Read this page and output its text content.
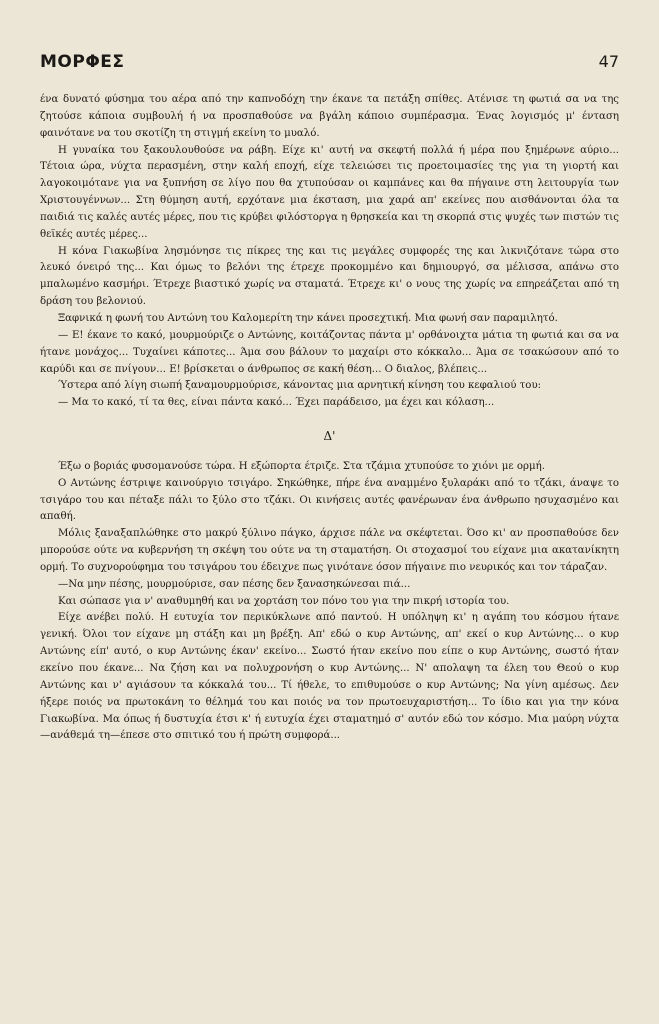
ΜΟΡΦΕΣ	47

ένα δυνατό φύσημα του αέρα από την καπνοδόχη την έκανε τα πετάξη σπίθες. Ατένισε τη φωτιά σα να της ζητούσε κάποια συμβουλή ή να προσπαθούσε να βγάλη κάποιο συμπέρασμα. Ένας λογισμός μ' ένταση φαινότανε να του σκοτίζη τη στιγμή εκείνη το μυαλό.

Η γυναίκα του ξακουλουθούσε να ράβη. Είχε κι' αυτή να σκεφτή πολλά ή μέρα που ξημέρωνε αύριο... Τέτοια ώρα, νύχτα περασμένη, στην καλή εποχή, είχε τελειώσει τις προετοιμασίες της για τη γιορτή και λαγοκοιμότανε για να ξυπνήση σε λίγο που θα χτυπούσαν οι καμπάνες και θα πήγαινε στη λειτουργία των Χριστουγέννων... Στη θύμηση αυτή, ερχότανε μια έκσταση, μια χαρά απ' εκείνες που αισθάνονται όλα τα παιδιά τις καλές αυτές μέρες, που τις κρύβει φιλόστοργα η θρησκεία και τη σκορπά στις ψυχές των πιστών τις θεϊκές αυτές μέρες...

Η κόνα Γιακωβίνα λησμόνησε τις πίκρες της και τις μεγάλες συμφορές της και λικνιζότανε τώρα στο λευκό όνειρό της... Και όμως το βελόνι της έτρεχε προκομμένο και δημιουργό, σα μέλισσα, απάνω στο μπαλωμένο κασμήρι. Έτρεχε βιαστικό χωρίς να σταματά. Έτρεχε κι' ο νους της χωρίς να επηρεάζεται από τη δράση του βελονιού.

Ξαφνικά η φωνή του Αντώνη του Καλομερίτη την κάνει προσεχτική. Μια φωνή σαν παραμιλητό.

— Ε! έκανε το κακό, μουρμούριζε ο Αντώνης, κοιτάζοντας πάντα μ' ορθάνοιχτα μάτια τη φωτιά και σα να ήτανε μονάχος... Τυχαίνει κάποτες... Άμα σου βάλουν το μαχαίρι στο κόκκαλο... Άμα σε τσακώσουν από το καρύδι και σε πνίγουν... Ε! βρίσκεται ο άνθρωπος σε κακή θέση... Ο διαλος, βλέπεις...

Ύστερα από λίγη σιωπή ξαναμουρμούρισε, κάνοντας μια αρνητική κίνηση του κεφαλιού του:

— Μα το κακό, τί τα θες, είναι πάντα κακό... Έχει παράδεισο, μα έχει και κόλαση...

Δ'

Έξω ο βοριάς φυσομανούσε τώρα. Η εξώπορτα έτριζε. Στα τζάμια χτυπούσε το χιόνι με ορμή.

Ο Αντώνης έστριψε καινούργιο τσιγάρο. Σηκώθηκε, πήρε ένα αναμμένο ξυλαράκι από το τζάκι, άναψε το τσιγάρο του και πέταξε πάλι το ξύλο στο τζάκι. Οι κινήσεις αυτές φανέρωναν ένα άνθρωπο ησυχασμένο και απαθή.

Μόλις ξαναξαπλώθηκε στο μακρύ ξύλινο πάγκο, άρχισε πάλε να σκέφτεται. Όσο κι' αν προσπαθούσε δεν μπορούσε ούτε να κυβερνήση τη σκέψη του ούτε να τη σταματήση. Οι στοχασμοί του είχανε μια ακατανίκητη ορμή. Το συχνορούφημα του τσιγάρου του έδειχνε πως γινότανε όσον πήγαινε πιο νευρικός και τον τάραζαν.

—Να μην πέσης, μουρμούρισε, σαν πέσης δεν ξανασηκώνεσαι πιά...

Και σώπασε για ν' αναθυμηθή και να χορτάση τον πόνο του για την πικρή ιστορία του.

Είχε ανέβει πολύ. Η ευτυχία τον περικύκλωνε από παντού. Η υπόληψη κι' η αγάπη του κόσμου ήτανε γενική. Όλοι τον είχανε μη στάξη και μη βρέξη. Απ' εδώ ο κυρ Αντώνης, απ' εκεί ο κυρ Αντώνης... ο κυρ Αντώνης είπ' αυτό, ο κυρ Αντώνης έκαν' εκείνο... Σωστό ήταν εκείνο που είπε ο κυρ Αντώνης, σωστό ήταν εκείνο που έκανε... Να ζήση και να πολυχρονήση ο κυρ Αντώνης... Ν' απολαψη τα έλεη του Θεού ο κυρ Αντώνης και ν' αγιάσουν τα κόκκαλά του... Τί ήθελε, το επιθυμούσε ο κυρ Αντώνης; Να γίνη αμέσως. Δεν ήξερε ποιός να πρωτοκάνη το θέλημά του και ποιός να τον πρωτοευχαριστήση... Το ίδιο και για την κόνα Γιακωβίνα. Μα όπως ή δυστυχία έτσι κ' ή ευτυχία έχει σταματημό σ' αυτόν εδώ τον κόσμο. Μια μαύρη νύχτα—ανάθεμά τη—έπεσε στο σπιτικό του ή πρώτη συμφορά...
